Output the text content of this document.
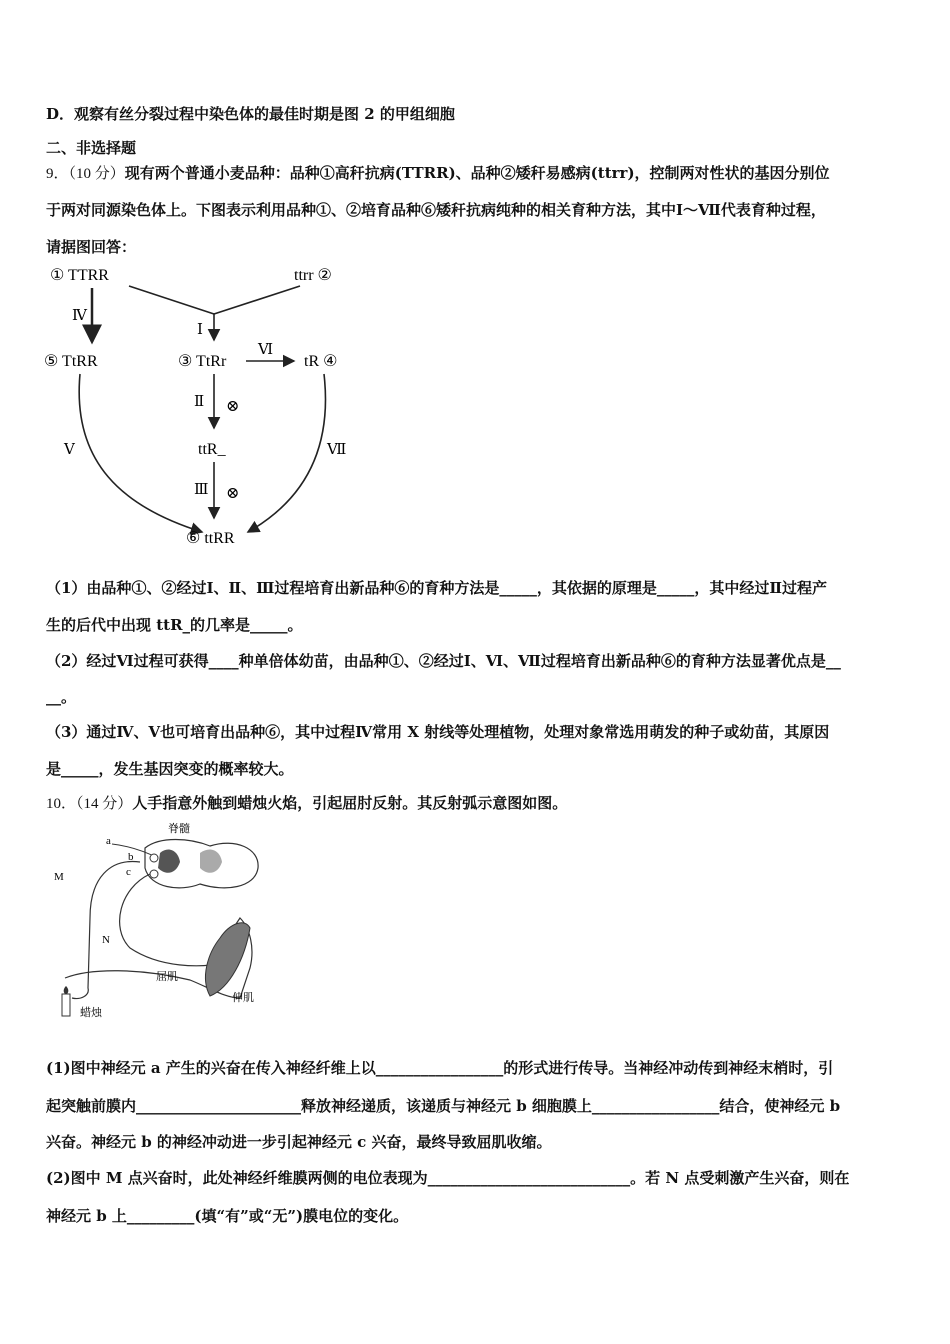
D．观察有丝分裂过程中染色体的最佳时期是图 2 的甲组细胞
二、非选择题
9．（10 分）现有两个普通小麦品种：品种①高秆抗病(TTRR)、品种②矮秆易感病(ttrr)，控制两对性状的基因分别位
于两对同源染色体上。下图表示利用品种①、②培育品种⑥矮秆抗病纯种的相关育种方法，其中Ⅰ～Ⅶ代表育种过程，
请据图回答：
① TTRR	ttrr ②
Ⅰ
Ⅳ
⑤ TtRR	③ TtRr	tR ④
Ⅵ
Ⅱ ⊗
ttR_
Ⅲ ⊗
Ⅴ	Ⅶ
⑥ ttRR
（1）由品种①、②经过Ⅰ、Ⅱ、Ⅲ过程培育出新品种⑥的育种方法是_____，其依据的原理是_____，其中经过Ⅱ过程产
生的后代中出现 ttR_的几率是_____。
（2）经过Ⅵ过程可获得____种单倍体幼苗，由品种①、②经过Ⅰ、Ⅵ、Ⅶ过程培育出新品种⑥的育种方法显著优点是__
__。
（3）通过Ⅳ、Ⅴ也可培育出品种⑥，其中过程Ⅳ常用 X 射线等处理植物，处理对象常选用萌发的种子或幼苗，其原因
是_____，发生基因突变的概率较大。
10．（14 分）人手指意外触到蜡烛火焰，引起屈肘反射。其反射弧示意图如图。
脊髓
a
b
c
M
N
屈肌
伸肌
蜡烛
(1)图中神经元 a 产生的兴奋在传入神经纤维上以_________________的形式进行传导。当神经冲动传到神经末梢时，引
起突触前膜内______________________释放神经递质，该递质与神经元 b 细胞膜上_________________结合，使神经元 b
兴奋。神经元 b 的神经冲动进一步引起神经元 c 兴奋，最终导致屈肌收缩。
(2)图中 M 点兴奋时，此处神经纤维膜两侧的电位表现为___________________________。若 N 点受刺激产生兴奋，则在
神经元 b 上_________(填“有”或“无”)膜电位的变化。
